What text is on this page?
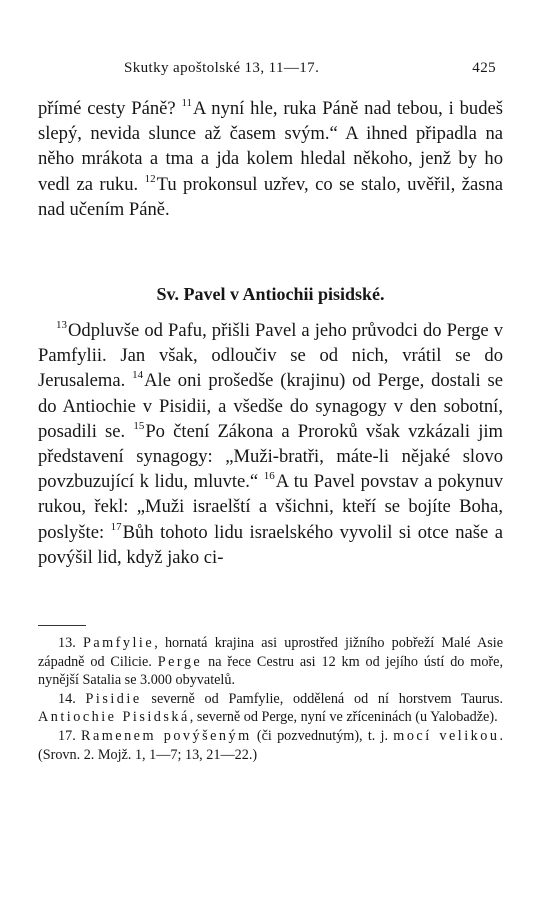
Skutky apoštolské 13, 11—17.	425
přímé cesty Páně? $^{11}$A nyní hle, ruka Páně nad tebou, i budeš slepý, nevida slunce až časem svým.“ A ihned připadla na něho mrákota a tma a jda kolem hledal někoho, jenž by ho vedl za ruku. $^{12}$Tu prokonsul uzřev, co se stalo, uvěřil, žasna nad učením Páně.
Sv. Pavel v Antiochii pisidské.
$^{13}$Odpluvše od Pafu, přišli Pavel a jeho průvodci do Perge v Pamfylii. Jan však, odloučiv se od nich, vrátil se do Jerusalema. $^{14}$Ale oni prošedše (krajinu) od Perge, dostali se do Antiochie v Pisidii, a všedše do synagogy v den sobotní, posadili se. $^{15}$Po čtení Zákona a Proroků však vzkázali jim představení synagogy: „Muži-bratři, máte-li nějaké slovo povzbuzující k lidu, mluvte.“ $^{16}$A tu Pavel povstav a pokynuv rukou, řekl: „Muži israelští a všichni, kteří se bojíte Boha, poslyšte: $^{17}$Bůh tohoto lidu israelského vyvolil si otce naše a povýšil lid, když jako ci-

13. Pamfylie, hornatá krajina asi uprostřed jižního pobřeží Malé Asie západně od Cilicie. Perge na řece Cestru asi 12 km od jejího ústí do moře, nynější Satalia se 3.000 obyvatelů.

14. Pisidie severně od Pamfylie, oddělená od ní horstvem Taurus. Antiochie Pisidská, severně od Perge, nyní ve zříceninách (u Yalobadže).

17. Ramenem povýšeným (či pozvednutým), t. j. mocí velikou. (Srovn. 2. Mojž. 1, 1—7; 13, 21—22.)
